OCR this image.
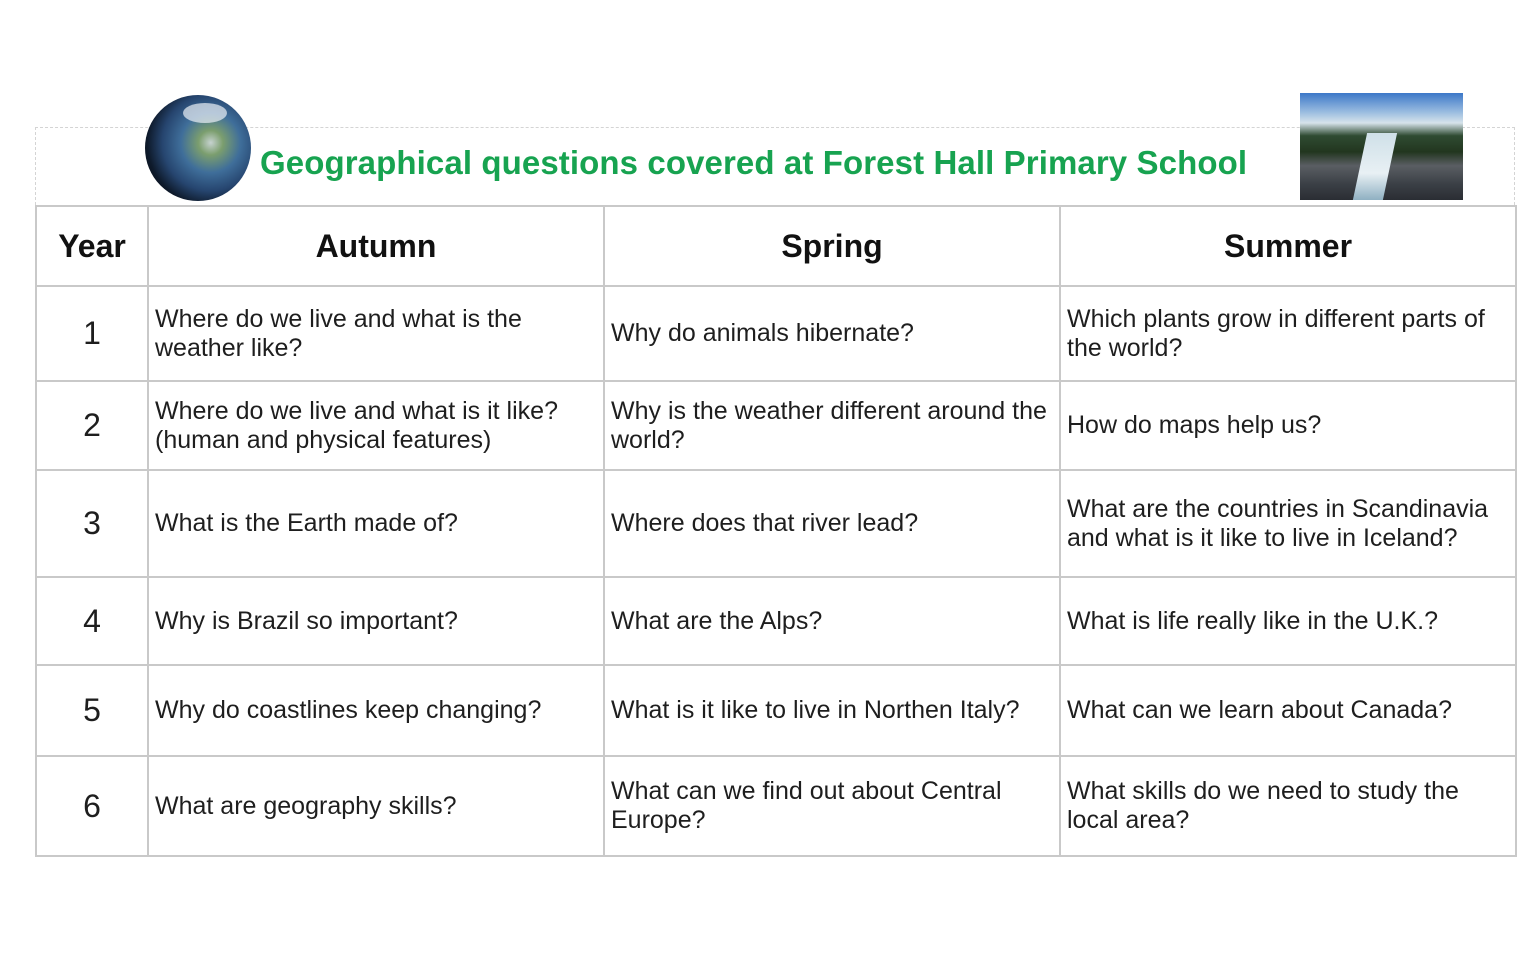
Geographical questions covered at Forest Hall Primary School
Year	Autumn	Spring	Summer
1	Where do we live and what is the weather like?	Why do animals hibernate?	Which plants grow in different parts of the world?
2	Where do we live and what is it like? (human and physical features)	Why is the weather different around the world?	How do maps help us?
3	What is the Earth made of?	Where does that river lead?	What are the countries in Scandinavia and what is it like to live in Iceland?
4	Why is Brazil so important?	What are the Alps?	What is life really like in the U.K.?
5	Why do coastlines keep changing?	What is it like to live in Northen Italy?	What can we learn about Canada?
6	What are geography skills?	What can we find out about Central Europe?	What skills do we need to study the local area?
